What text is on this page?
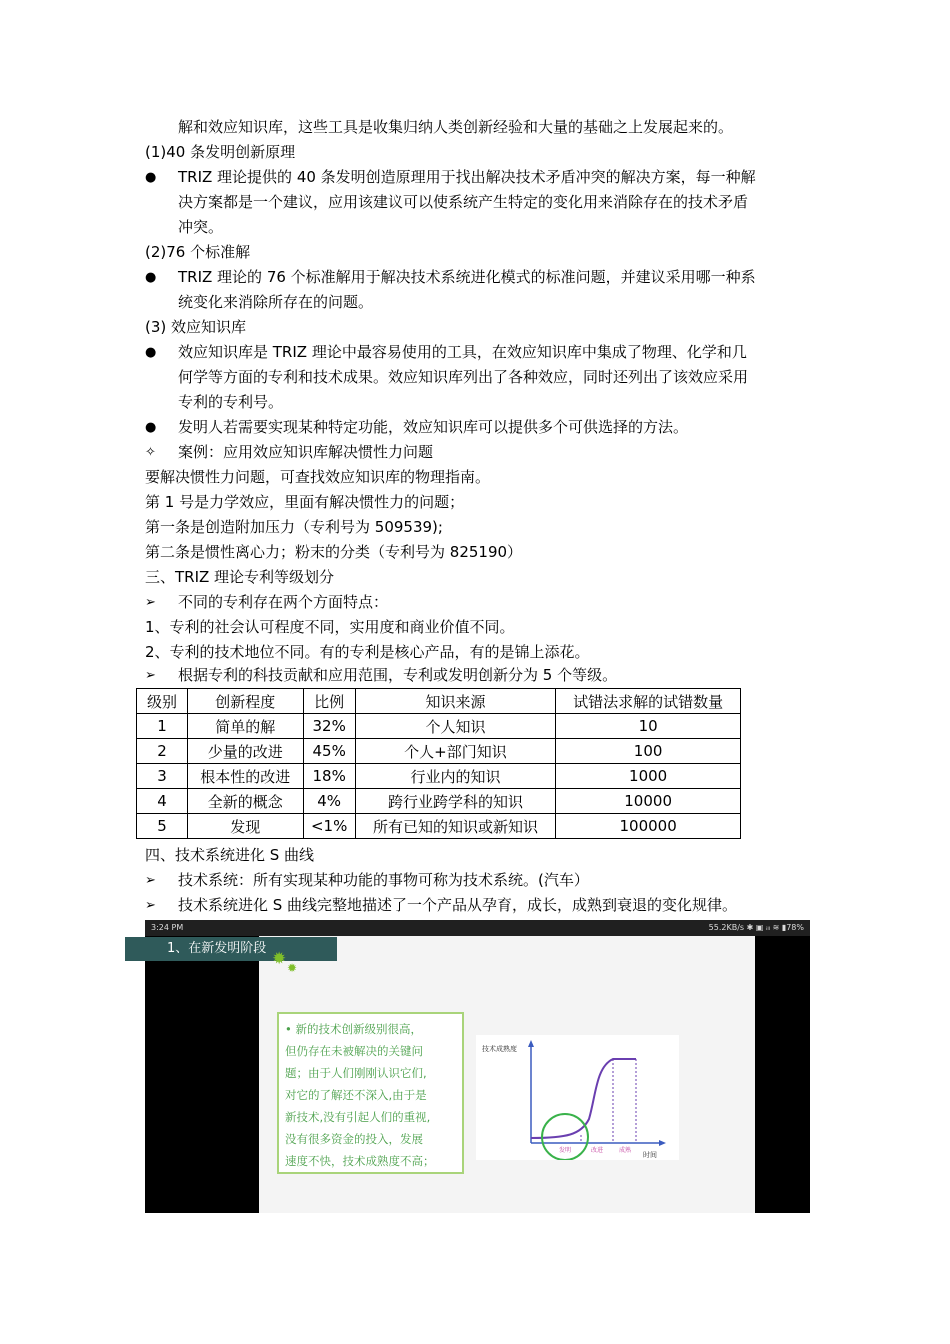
解和效应知识库，这些工具是收集归纳人类创新经验和大量的基础之上发展起来的。
(1)40 条发明创新原理
● TRIZ 理论提供的 40 条发明创造原理用于找出解决技术矛盾冲突的解决方案，每一种解
决方案都是一个建议，应用该建议可以使系统产生特定的变化用来消除存在的技术矛盾
冲突。
(2)76 个标准解
● TRIZ 理论的 76 个标准解用于解决技术系统进化模式的标准问题，并建议采用哪一种系
统变化来消除所存在的问题。
(3) 效应知识库
● 效应知识库是 TRIZ 理论中最容易使用的工具，在效应知识库中集成了物理、化学和几
何学等方面的专利和技术成果。效应知识库列出了各种效应，同时还列出了该效应采用
专利的专利号。
● 发明人若需要实现某种特定功能，效应知识库可以提供多个可供选择的方法。
✧ 案例：应用效应知识库解决惯性力问题
要解决惯性力问题，可查找效应知识库的物理指南。
第 1 号是力学效应，里面有解决惯性力的问题；
第一条是创造附加压力（专利号为 509539);
第二条是惯性离心力；粉末的分类（专利号为 825190）
三、TRIZ 理论专利等级划分
➢ 不同的专利存在两个方面特点：
1、专利的社会认可程度不同，实用度和商业价值不同。
2、专利的技术地位不同。有的专利是核心产品，有的是锦上添花。
➢ 根据专利的科技贡献和应用范围，专利或发明创新分为 5 个等级。
级别	创新程度	比例	知识来源	试错法求解的试错数量
1	简单的解	32%	个人知识	10
2	少量的改进	45%	个人+部门知识	100
3	根本性的改进	18%	行业内的知识	1000
4	全新的概念	4%	跨行业跨学科的知识	10000
5	发现	<1%	所有已知的知识或新知识	100000
四、技术系统进化 S 曲线
➢ 技术系统：所有实现某种功能的事物可称为技术系统。(汽车）
➢ 技术系统进化 S 曲线完整地描述了一个产品从孕育，成长，成熟到衰退的变化规律。
3:24 PM	55.2KB/s ✱ ▣ ᵢₗₗ ≋ ▮78%
1、在新发明阶段
✹ ✹
• 新的技术创新级别很高，
但仍存在未被解决的关键问
题；由于人们刚刚认识它们,
对它的了解还不深入,由于是
新技术,没有引起人们的重视,
没有很多资金的投入，发展
速度不快，技术成熟度不高；
技术成熟度
时间
发明	改进	成熟
